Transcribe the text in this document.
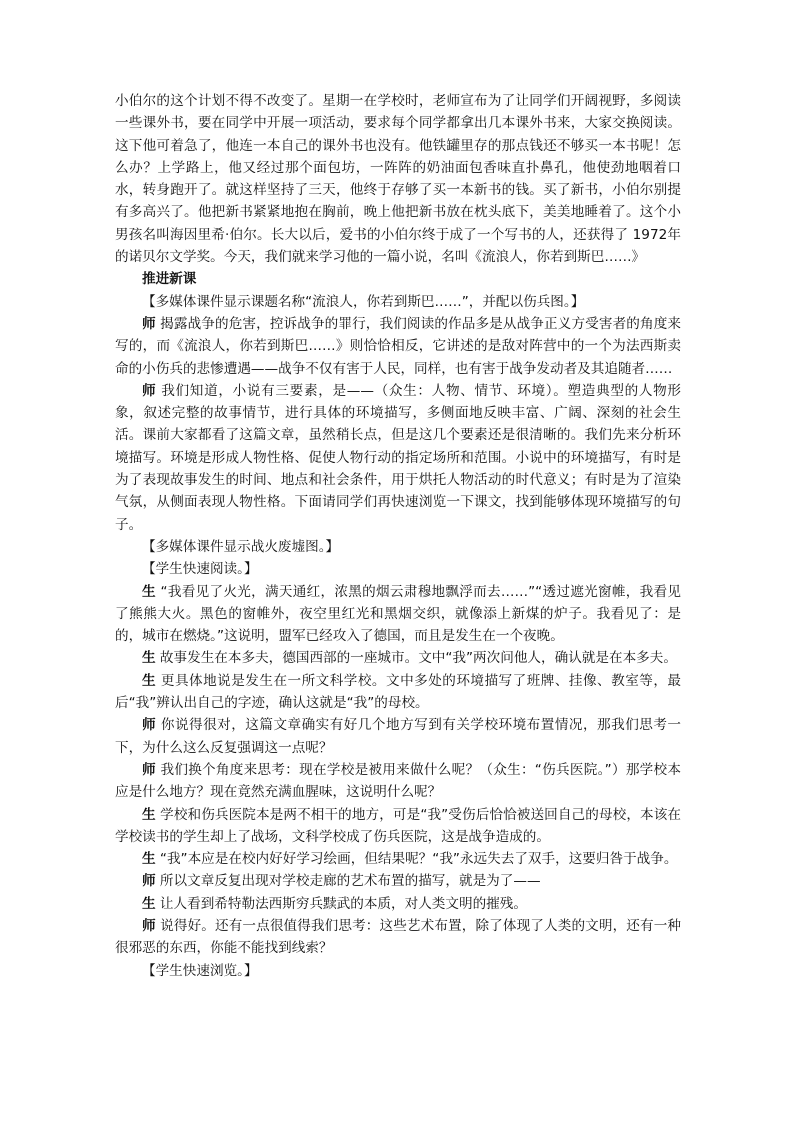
小伯尔的这个计划不得不改变了。星期一在学校时，老师宣布为了让同学们开阔视野，多阅读一些课外书，要在同学中开展一项活动，要求每个同学都拿出几本课外书来，大家交换阅读。这下他可着急了，他连一本自己的课外书也没有。他铁罐里存的那点钱还不够买一本书呢！怎么办？上学路上，他又经过那个面包坊，一阵阵的奶油面包香味直扑鼻孔，他使劲地咽着口水，转身跑开了。就这样坚持了三天，他终于存够了买一本新书的钱。买了新书，小伯尔别提有多高兴了。他把新书紧紧地抱在胸前，晚上他把新书放在枕头底下，美美地睡着了。这个小男孩名叫海因里希·伯尔。长大以后，爱书的小伯尔终于成了一个写书的人，还获得了 1972年的诺贝尔文学奖。今天，我们就来学习他的一篇小说，名叫《流浪人，你若到斯巴……》

推进新课

【多媒体课件显示课题名称“流浪人，你若到斯巴……”，并配以伤兵图。】

师 揭露战争的危害，控诉战争的罪行，我们阅读的作品多是从战争正义方受害者的角度来写的，而《流浪人，你若到斯巴……》则恰恰相反，它讲述的是敌对阵营中的一个为法西斯卖命的小伤兵的悲惨遭遇——战争不仅有害于人民，同样，也有害于战争发动者及其追随者……

师 我们知道，小说有三要素，是——（众生：人物、情节、环境）。塑造典型的人物形象，叙述完整的故事情节，进行具体的环境描写，多侧面地反映丰富、广阔、深刻的社会生活。课前大家都看了这篇文章，虽然稍长点，但是这几个要素还是很清晰的。我们先来分析环境描写。环境是形成人物性格、促使人物行动的指定场所和范围。小说中的环境描写，有时是为了表现故事发生的时间、地点和社会条件，用于烘托人物活动的时代意义；有时是为了渲染气氛，从侧面表现人物性格。下面请同学们再快速浏览一下课文，找到能够体现环境描写的句子。

【多媒体课件显示战火废墟图。】

【学生快速阅读。】

生 “我看见了火光，满天通红，浓黑的烟云肃穆地飘浮而去……”“透过遮光窗帷，我看见了熊熊大火。黑色的窗帷外，夜空里红光和黑烟交织，就像添上新煤的炉子。我看见了：是的，城市在燃烧。”这说明，盟军已经攻入了德国，而且是发生在一个夜晚。

生 故事发生在本多夫，德国西部的一座城市。文中“我”两次问他人，确认就是在本多夫。

生 更具体地说是发生在一所文科学校。文中多处的环境描写了班牌、挂像、教室等，最后“我”辨认出自己的字迹，确认这就是“我”的母校。

师 你说得很对，这篇文章确实有好几个地方写到有关学校环境布置情况，那我们思考一下，为什么这么反复强调这一点呢？

师 我们换个角度来思考：现在学校是被用来做什么呢？（众生：“伤兵医院。”）那学校本应是什么地方？现在竟然充满血腥味，这说明什么呢？

生 学校和伤兵医院本是两不相干的地方，可是“我”受伤后恰恰被送回自己的母校，本该在学校读书的学生却上了战场，文科学校成了伤兵医院，这是战争造成的。

生 “我”本应是在校内好好学习绘画，但结果呢？“我”永远失去了双手，这要归咎于战争。

师 所以文章反复出现对学校走廊的艺术布置的描写，就是为了——

生 让人看到希特勒法西斯穷兵黩武的本质，对人类文明的摧残。

师 说得好。还有一点很值得我们思考：这些艺术布置，除了体现了人类的文明，还有一种很邪恶的东西，你能不能找到线索？

【学生快速浏览。】
